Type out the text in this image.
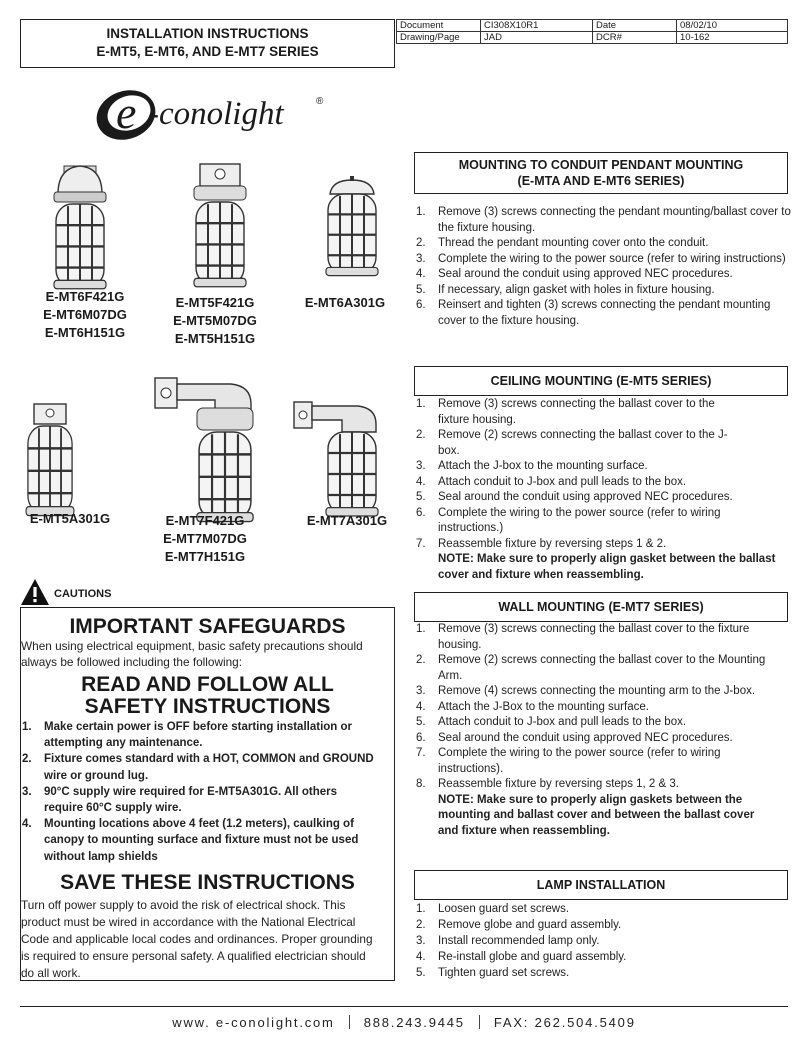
INSTALLATION INSTRUCTIONS
E-MT5, E-MT6, AND E-MT7 SERIES
Document	CI308X10R1	Date	08/02/10
Drawing/Page	JAD	DCR#	10-162
e -conolight	®
E-MT6F421G
E-MT6M07DG
E-MT6H151G
E-MT5F421G
E-MT5M07DG
E-MT5H151G
E-MT6A301G
E-MT5A301G	E-MT7F421G
E-MT7M07DG
E-MT7H151G
E-MT7A301G
MOUNTING TO CONDUIT PENDANT MOUNTING
(E-MTA AND E-MT6 SERIES)
1. Remove (3) screws connecting the pendant mounting/ballast cover to the fixture housing.
2. Thread the pendant mounting cover onto the conduit.
3. Complete the wiring to the power source (refer to wiring instructions)
4. Seal around the conduit using approved NEC procedures.
5. If necessary, align gasket with holes in fixture housing.
6. Reinsert and tighten (3) screws connecting the pendant mounting cover to the fixture housing.
CEILING MOUNTING (E-MT5 SERIES)
1. Remove (3) screws connecting the ballast cover to the fixture housing.
2. Remove (2) screws connecting the ballast cover to the J-box.
3. Attach the J-box to the mounting surface.
4. Attach conduit to J-box and pull leads to the box.
5. Seal around the conduit using approved NEC procedures.
6. Complete the wiring to the power source (refer to wiring instructions.)
7. Reassemble fixture by reversing steps 1 & 2.
NOTE: Make sure to properly align gasket between the ballast cover and fixture when reassembling.
WALL MOUNTING (E-MT7 SERIES)
1. Remove (3) screws connecting the ballast cover to the fixture housing.
2. Remove (2) screws connecting the ballast cover to the Mounting Arm.
3. Remove (4) screws connecting the mounting arm to the J-box.
4. Attach the J-Box to the mounting surface.
5. Attach conduit to J-box and pull leads to the box.
6. Seal around the conduit using approved NEC procedures.
7. Complete the wiring to the power source (refer to wiring instructions).
8. Reassemble fixture by reversing steps 1, 2 & 3.
NOTE: Make sure to properly align gaskets between the mounting and ballast cover and between the ballast cover and fixture when reassembling.
LAMP INSTALLATION
1. Loosen guard set screws.
2. Remove globe and guard assembly.
3. Install recommended lamp only.
4. Re-install globe and guard assembly.
5. Tighten guard set screws.
CAUTIONS
IMPORTANT SAFEGUARDS
When using electrical equipment, basic safety precautions should always be followed including the following:
READ AND FOLLOW ALL
SAFETY INSTRUCTIONS
1. Make certain power is OFF before starting installation or attempting any maintenance.
2. Fixture comes standard with a HOT, COMMON and GROUND wire or ground lug.
3. 90°C supply wire required for E-MT5A301G. All others require 60°C supply wire.
4. Mounting locations above 4 feet (1.2 meters), caulking of canopy to mounting surface and fixture must not be used without lamp shields
SAVE THESE INSTRUCTIONS
Turn off power supply to avoid the risk of electrical shock. This product must be wired in accordance with the National Electrical Code and applicable local codes and ordinances. Proper grounding is required to ensure personal safety. A qualified electrician should do all work.
www. e-conolight.com 888.243.9445 FAX: 262.504.5409
